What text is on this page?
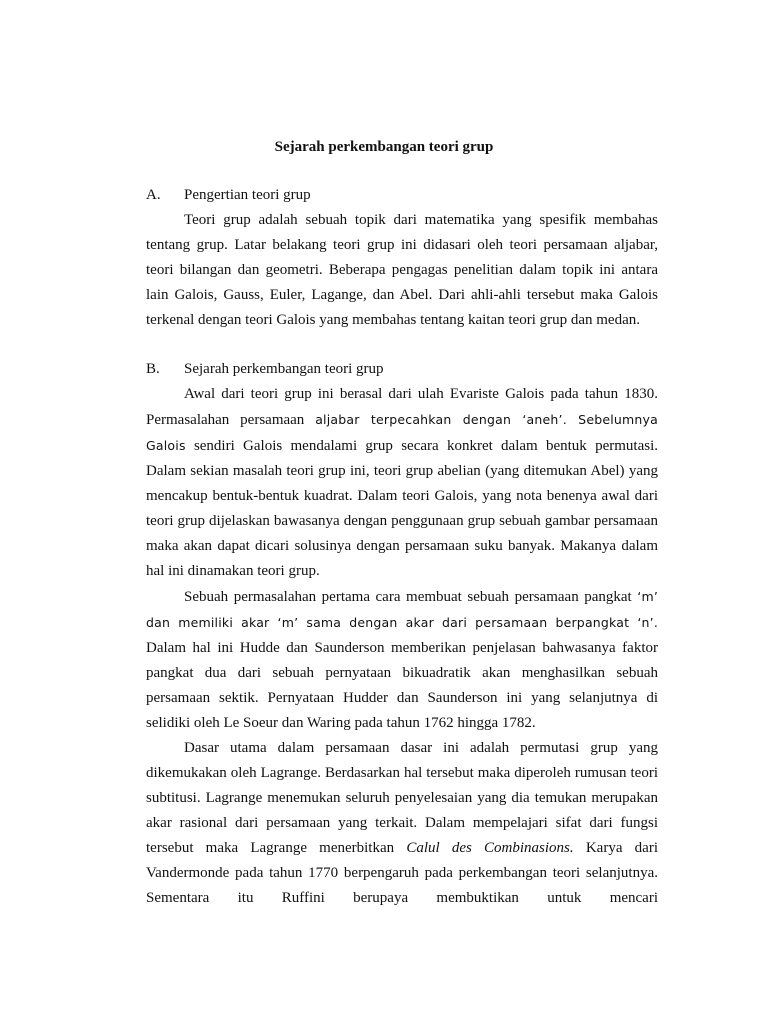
Sejarah perkembangan teori grup
A.	Pengertian teori grup

Teori grup adalah sebuah topik dari matematika yang spesifik membahas tentang grup. Latar belakang teori grup ini didasari oleh teori persamaan aljabar, teori bilangan dan geometri. Beberapa pengagas penelitian dalam topik ini antara lain Galois, Gauss, Euler, Lagange, dan Abel. Dari ahli-ahli tersebut maka Galois terkenal dengan teori Galois yang membahas tentang kaitan teori grup dan medan.

B.	Sejarah perkembangan teori grup

Awal dari teori grup ini berasal dari ulah Evariste Galois pada tahun 1830. Permasalahan persamaan aljabar terpecahkan dengan ‘aneh’. Sebelumnya Galois sendiri Galois mendalami grup secara konkret dalam bentuk permutasi. Dalam sekian masalah teori grup ini, teori grup abelian (yang ditemukan Abel) yang mencakup bentuk-bentuk kuadrat. Dalam teori Galois, yang nota benenya awal dari teori grup dijelaskan bawasanya dengan penggunaan grup sebuah gambar persamaan maka akan dapat dicari solusinya dengan persamaan suku banyak. Makanya dalam hal ini dinamakan teori grup.

Sebuah permasalahan pertama cara membuat sebuah persamaan pangkat ‘m’ dan memiliki akar ‘m’ sama dengan akar dari persamaan berpangkat ‘n’. Dalam hal ini Hudde dan Saunderson memberikan penjelasan bahwasanya faktor pangkat dua dari sebuah pernyataan bikuadratik akan menghasilkan sebuah persamaan sektik. Pernyataan Hudder dan Saunderson ini yang selanjutnya di selidiki oleh Le Soeur dan Waring pada tahun 1762 hingga 1782.

Dasar utama dalam persamaan dasar ini adalah permutasi grup yang dikemukakan oleh Lagrange. Berdasarkan hal tersebut maka diperoleh rumusan teori subtitusi. Lagrange menemukan seluruh penyelesaian yang dia temukan merupakan akar rasional dari persamaan yang terkait. Dalam mempelajari sifat dari fungsi tersebut maka Lagrange menerbitkan Calul des Combinasions. Karya dari Vandermonde pada tahun 1770 berpengaruh pada perkembangan teori selanjutnya. Sementara itu Ruffini berupaya membuktikan untuk mencari
